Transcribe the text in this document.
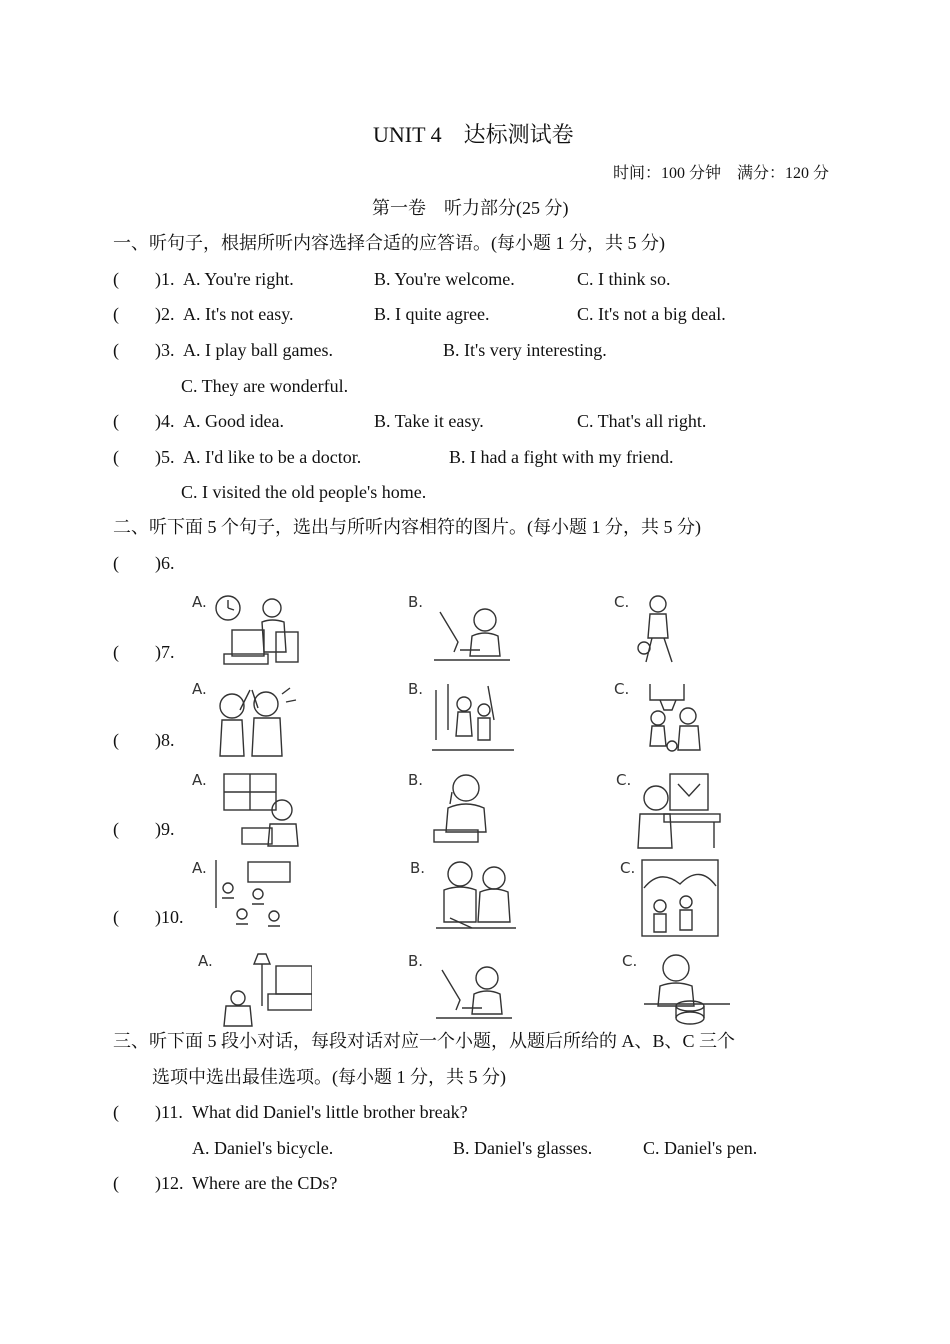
UNIT 4　达标测试卷
时间：100 分钟　满分：120 分
第一卷　听力部分(25 分)
一、听句子，根据所听内容选择合适的应答语。(每小题 1 分，共 5 分)
(　　)1. A. You're right.	B. You're welcome.	C. I think so.
(　　)2. A. It's not easy.	B. I quite agree.	C. It's not a big deal.
(　　)3. A. I play ball games.	B. It's very interesting.
C. They are wonderful.
(　　)4. A. Good idea.	B. Take it easy.	C. That's all right.
(　　)5. A. I'd like to be a doctor.	B. I had a fight with my friend.
C. I visited the old people's home.
二、听下面 5 个句子，选出与所听内容相符的图片。(每小题 1 分，共 5 分)
(　　)6.
(　　)7.
(　　)8.
(　　)9.
(　　)10.
A.	B.	C.
A.	B.	C.
A.	B.	C.
A.	B.	C.
A.	B.	C.
三、听下面 5 段小对话，每段对话对应一个小题，从题后所给的 A、B、C 三个
选项中选出最佳选项。(每小题 1 分，共 5 分)
(　　)11. What did Daniel's little brother break?
A. Daniel's bicycle.	B. Daniel's glasses.	C. Daniel's pen.
(　　)12. Where are the CDs?
